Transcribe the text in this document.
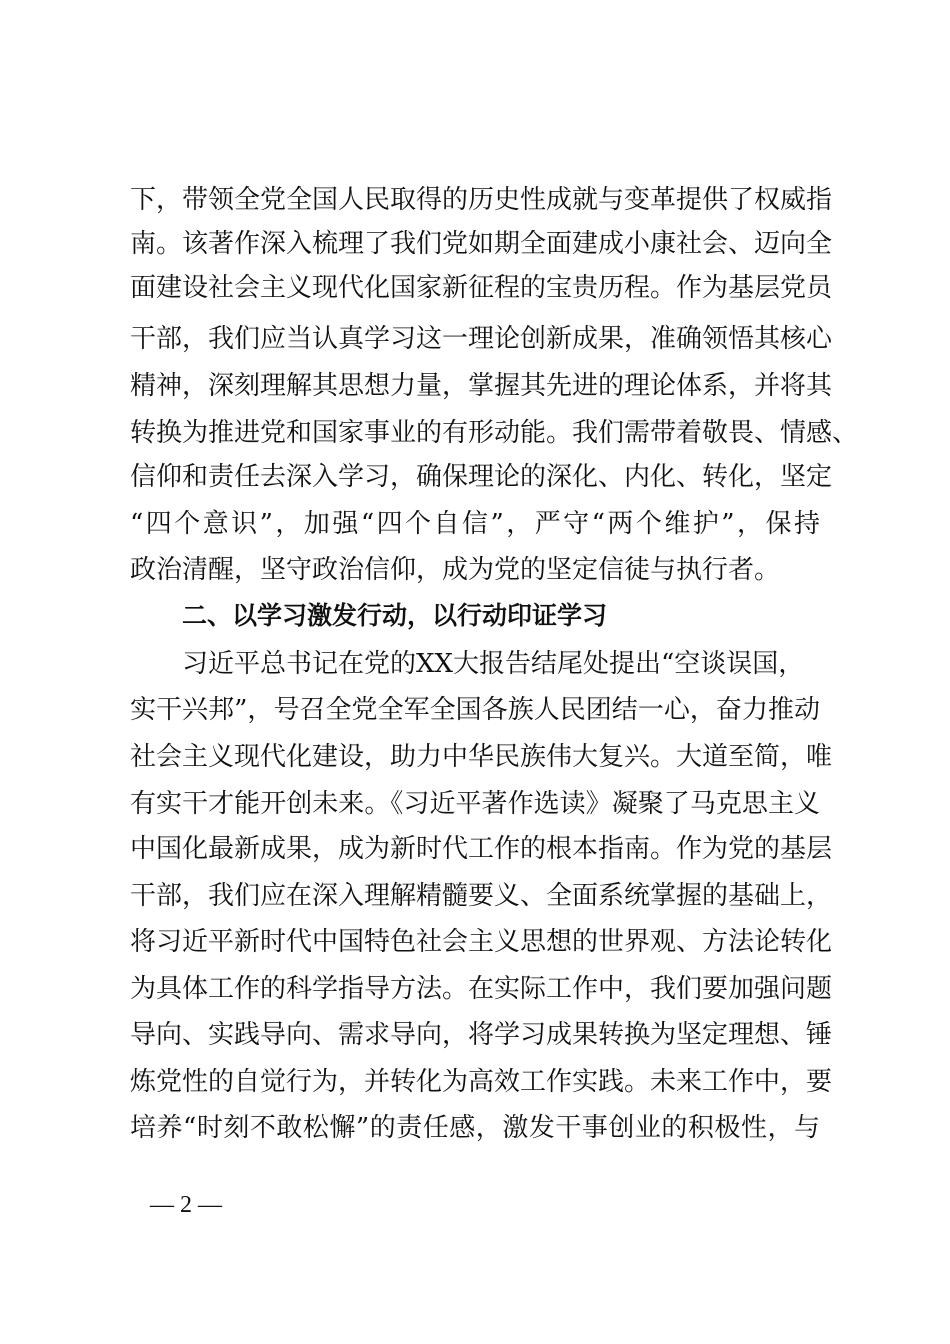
下，带领全党全国人民取得的历史性成就与变革提供了权威指
南。该著作深入梳理了我们党如期全面建成小康社会、迈向全
面建设社会主义现代化国家新征程的宝贵历程。作为基层党员
干部，我们应当认真学习这一理论创新成果，准确领悟其核心
精神，深刻理解其思想力量，掌握其先进的理论体系，并将其
转换为推进党和国家事业的有形动能。我们需带着敬畏、情感、
信仰和责任去深入学习，确保理论的深化、内化、转化，坚定
“四个意识”，加强“四个自信”，严守“两个维护”，保持
政治清醒，坚守政治信仰，成为党的坚定信徒与执行者。
二、以学习激发行动，以行动印证学习
习近平总书记在党的XX大报告结尾处提出“空谈误国，
实干兴邦”，号召全党全军全国各族人民团结一心，奋力推动
社会主义现代化建设，助力中华民族伟大复兴。大道至简，唯
有实干才能开创未来。《习近平著作选读》凝聚了马克思主义
中国化最新成果，成为新时代工作的根本指南。作为党的基层
干部，我们应在深入理解精髓要义、全面系统掌握的基础上，
将习近平新时代中国特色社会主义思想的世界观、方法论转化
为具体工作的科学指导方法。在实际工作中，我们要加强问题
导向、实践导向、需求导向，将学习成果转换为坚定理想、锤
炼党性的自觉行为，并转化为高效工作实践。未来工作中，要
培养“时刻不敢松懈”的责任感，激发干事创业的积极性，与
— 2 —
